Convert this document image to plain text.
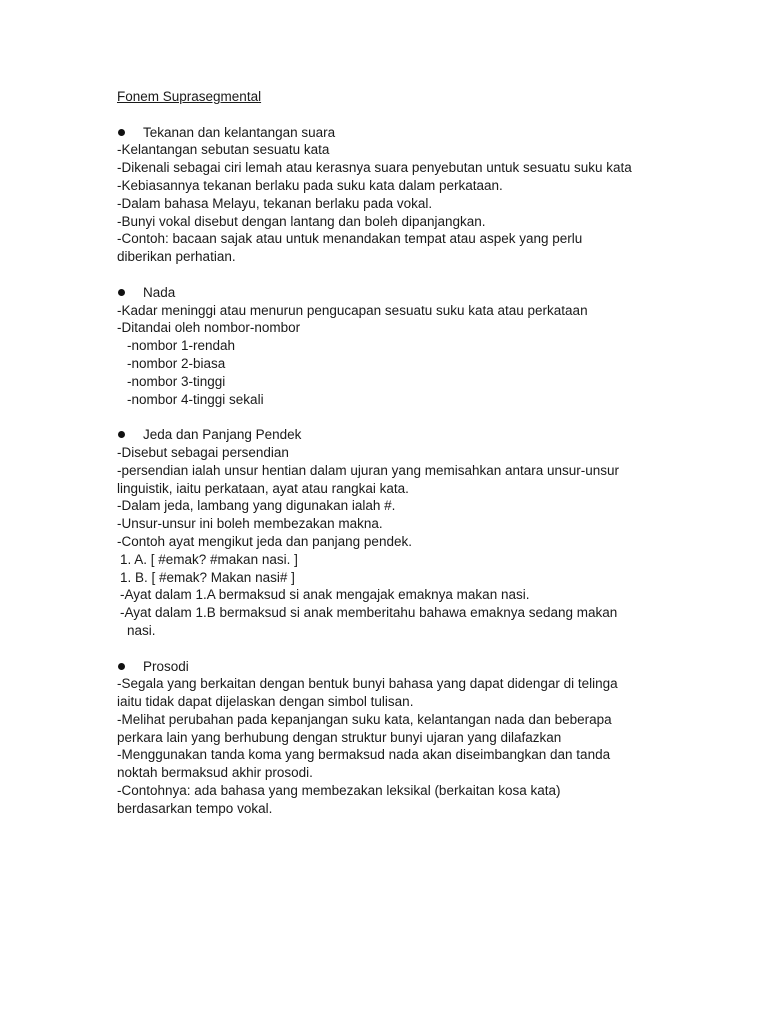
Fonem Suprasegmental
Tekanan dan kelantangan suara
-Kelantangan sebutan sesuatu kata
-Dikenali sebagai ciri lemah atau kerasnya suara penyebutan untuk sesuatu suku kata
-Kebiasannya tekanan berlaku pada suku kata dalam perkataan.
-Dalam bahasa Melayu, tekanan berlaku pada vokal.
-Bunyi vokal disebut dengan lantang dan boleh dipanjangkan.
-Contoh: bacaan sajak atau untuk menandakan tempat atau aspek yang perlu
diberikan perhatian.
Nada
-Kadar meninggi atau menurun pengucapan sesuatu suku kata atau perkataan
-Ditandai oleh nombor-nombor
-nombor 1-rendah
-nombor 2-biasa
-nombor 3-tinggi
-nombor 4-tinggi sekali
Jeda dan Panjang Pendek
-Disebut sebagai persendian
-persendian ialah unsur hentian dalam ujuran yang memisahkan antara unsur-unsur
linguistik, iaitu perkataan, ayat atau rangkai kata.
-Dalam jeda, lambang yang digunakan ialah #.
-Unsur-unsur ini boleh membezakan makna.
-Contoh ayat mengikut jeda dan panjang pendek.
1. A. [ #emak? #makan nasi. ]
1. B. [ #emak? Makan nasi# ]
-Ayat dalam 1.A bermaksud si anak mengajak emaknya makan nasi.
-Ayat dalam 1.B bermaksud si anak memberitahu bahawa emaknya sedang makan
nasi.
Prosodi
-Segala yang berkaitan dengan bentuk bunyi bahasa yang dapat didengar di telinga
iaitu tidak dapat dijelaskan dengan simbol tulisan.
-Melihat perubahan pada kepanjangan suku kata, kelantangan nada dan beberapa
perkara lain yang berhubung dengan struktur bunyi ujaran yang dilafazkan
-Menggunakan tanda koma yang bermaksud nada akan diseimbangkan dan tanda
noktah bermaksud akhir prosodi.
-Contohnya: ada bahasa yang membezakan leksikal (berkaitan kosa kata)
berdasarkan tempo vokal.
